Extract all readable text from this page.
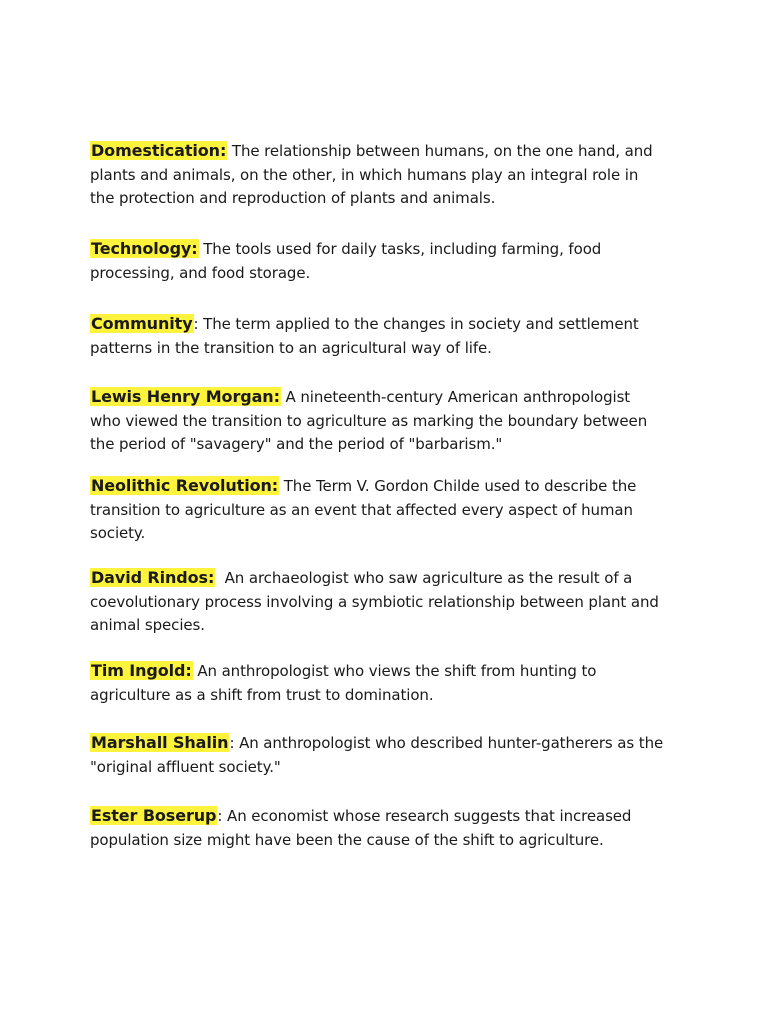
Domestication: The relationship between humans, on the one hand, and plants and animals, on the other, in which humans play an integral role in the protection and reproduction of plants and animals.

Technology: The tools used for daily tasks, including farming, food processing, and food storage.

Community: The term applied to the changes in society and settlement patterns in the transition to an agricultural way of life.

Lewis Henry Morgan: A nineteenth-century American anthropologist who viewed the transition to agriculture as marking the boundary between the period of "savagery" and the period of "barbarism."

Neolithic Revolution: The Term V. Gordon Childe used to describe the transition to agriculture as an event that affected every aspect of human society.

David Rindos:  An archaeologist who saw agriculture as the result of a coevolutionary process involving a symbiotic relationship between plant and animal species.

Tim Ingold: An anthropologist who views the shift from hunting to agriculture as a shift from trust to domination.

Marshall Shalin: An anthropologist who described hunter-gatherers as the "original affluent society."

Ester Boserup: An economist whose research suggests that increased population size might have been the cause of the shift to agriculture.
